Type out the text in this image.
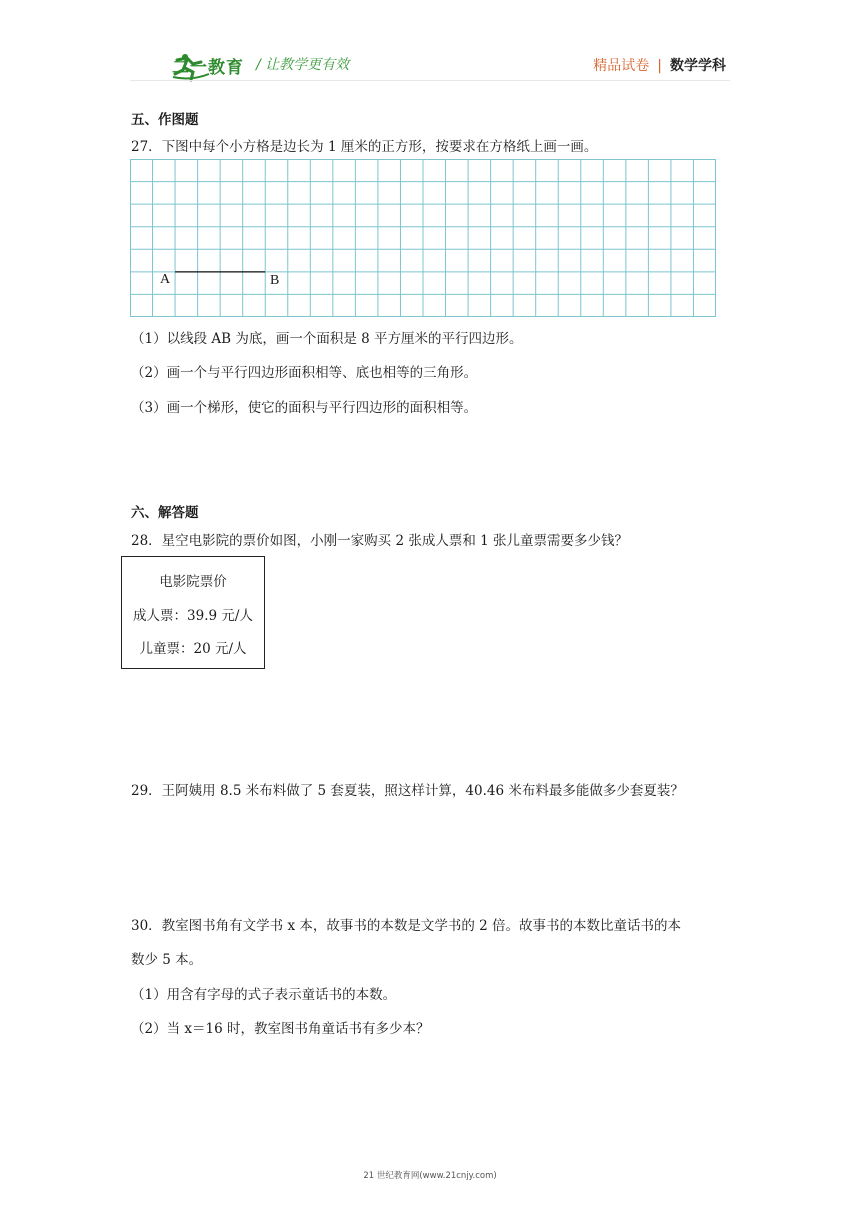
二一教育 / 让教学更有效	精品试卷 | 数学学科
五、作图题
27．下图中每个小方格是边长为 1 厘米的正方形，按要求在方格纸上画一画。
A	B
（1）以线段 AB 为底，画一个面积是 8 平方厘米的平行四边形。
（2）画一个与平行四边形面积相等、底也相等的三角形。
（3）画一个梯形，使它的面积与平行四边形的面积相等。
六、解答题
28．星空电影院的票价如图，小刚一家购买 2 张成人票和 1 张儿童票需要多少钱？
电影院票价
成人票：39.9 元/人
儿童票：20 元/人
29．王阿姨用 8.5 米布料做了 5 套夏装，照这样计算，40.46 米布料最多能做多少套夏装？
30．教室图书角有文学书 x 本，故事书的本数是文学书的 2 倍。故事书的本数比童话书的本
数少 5 本。
（1）用含有字母的式子表示童话书的本数。
（2）当 x＝16 时，教室图书角童话书有多少本？
21 世纪教育网(www.21cnjy.com)
